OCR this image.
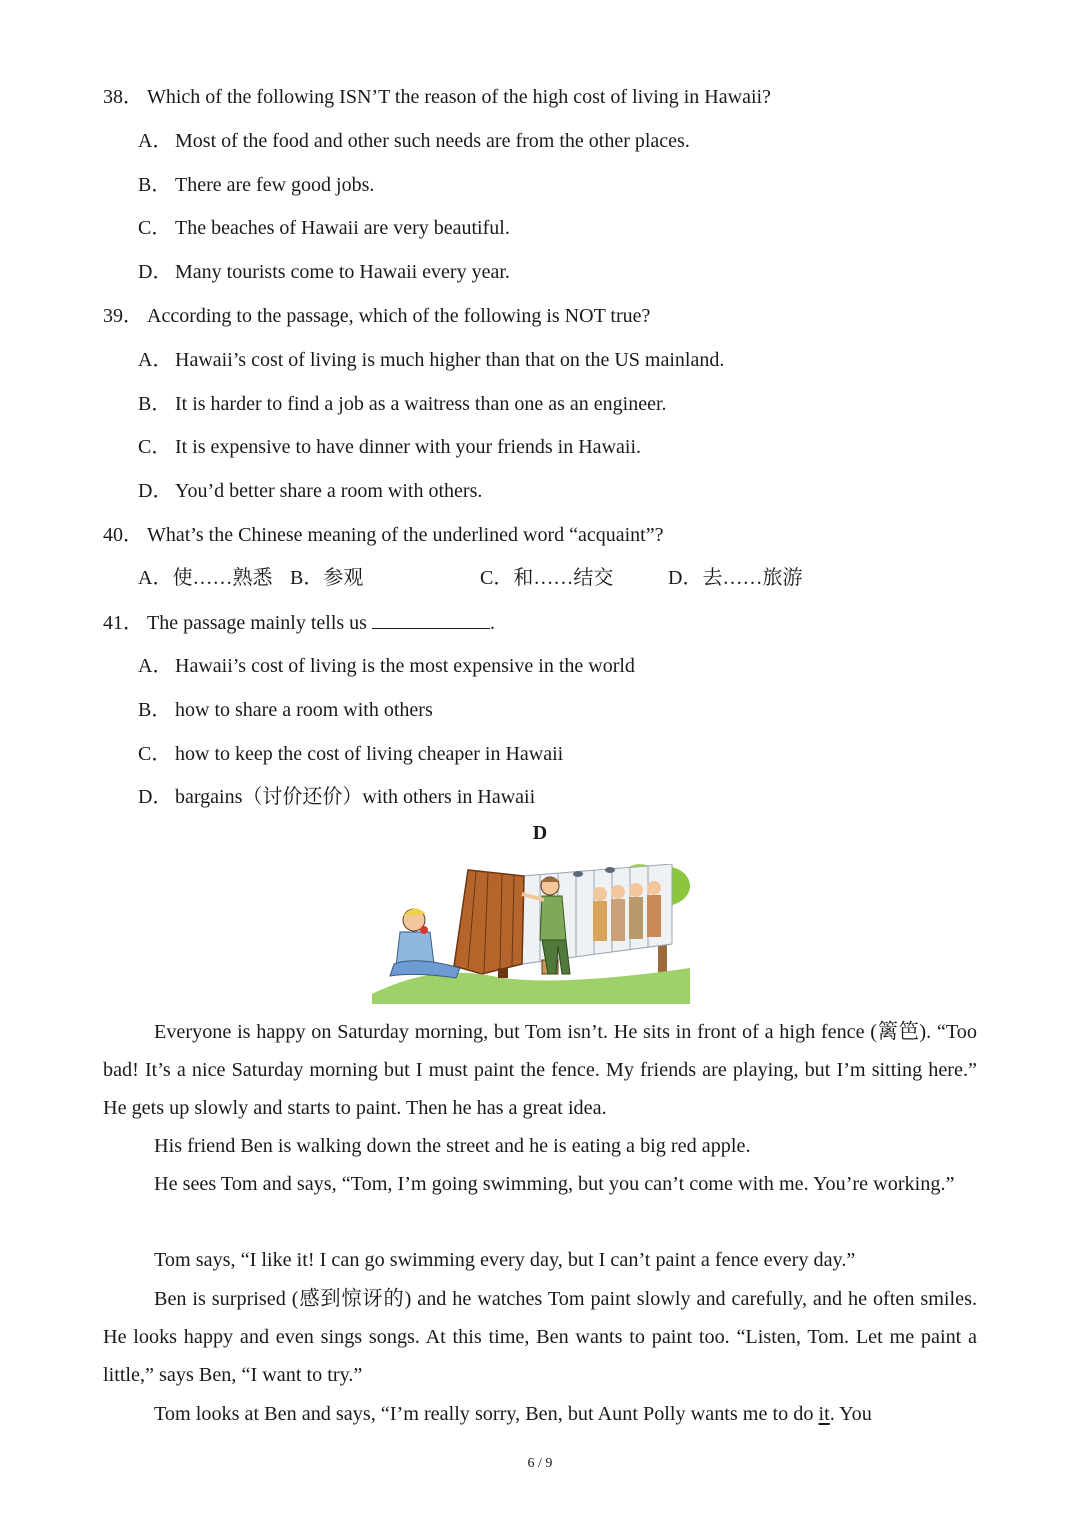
38． Which of the following ISN’T the reason of the high cost of living in Hawaii?
A． Most of the food and other such needs are from the other places.
B． There are few good jobs.
C． The beaches of Hawaii are very beautiful.
D． Many tourists come to Hawaii every year.
39． According to the passage, which of the following is NOT true?
A． Hawaii’s cost of living is much higher than that on the US mainland.
B． It is harder to find a job as a waitress than one as an engineer.
C． It is expensive to have dinner with your friends in Hawaii.
D． You’d better share a room with others.
40． What’s the Chinese meaning of the underlined word “acquaint”?
A．使……熟悉 B．参观	C．和……结交	D．去……旅游
41． The passage mainly tells us	.
A． Hawaii’s cost of living is the most expensive in the world
B． how to share a room with others
C． how to keep the cost of living cheaper in Hawaii
D． bargains（讨价还价）with others in Hawaii
D
Everyone is happy on Saturday morning, but Tom isn’t. He sits in front of a high fence (篱笆). “Too bad! It’s a nice Saturday morning but I must paint the fence. My friends are playing, but I’m sitting here.” He gets up slowly and starts to paint. Then he has a great idea.
His friend Ben is walking down the street and he is eating a big red apple.
He sees Tom and says, “Tom, I’m going swimming, but you can’t come with me. You’re working.”
Tom says, “I like it! I can go swimming every day, but I can’t paint a fence every day.”
Ben is surprised (感到惊讶的) and he watches Tom paint slowly and carefully, and he often smiles. He looks happy and even sings songs. At this time, Ben wants to paint too. “Listen, Tom. Let me paint a little,” says Ben, “I want to try.”
Tom looks at Ben and says, “I’m really sorry, Ben, but Aunt Polly wants me to do it. You
6 / 9
